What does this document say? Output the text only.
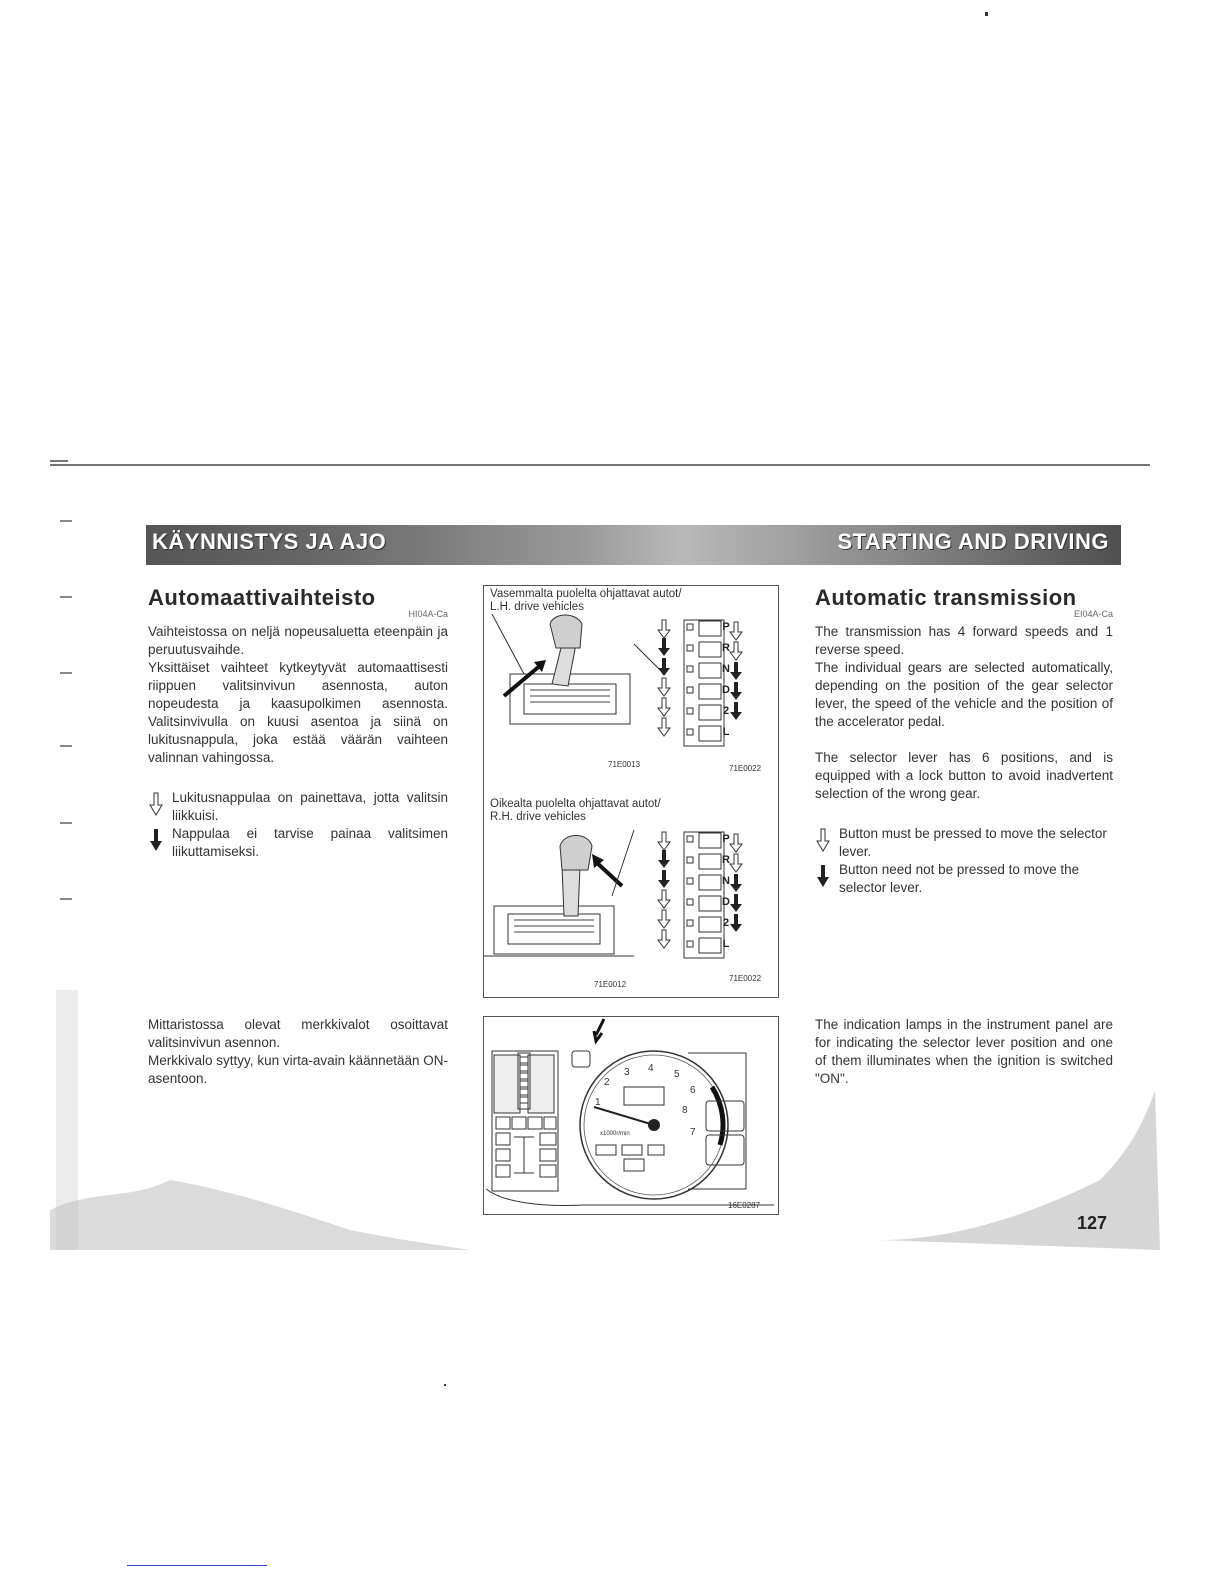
KÄYNNISTYS JA AJO	STARTING AND DRIVING
Automaattivaihteisto
HI04A-Ca
Vaihteistossa on neljä nopeusaluetta eteenpäin ja peruutusvaihde.
Yksittäiset vaihteet kytkeytyvät automaattisesti riippuen valitsinvivun asennosta, auton nopeudesta ja kaasupolkimen asennosta. Valitsinvivulla on kuusi asentoa ja siinä on lukitusnappula, joka estää väärän vaihteen valinnan vahingossa.
Lukitusnappulaa on painettava, jotta valitsin liikkuisi.
Nappulaa ei tarvise painaa valitsimen liikuttamiseksi.
Mittaristossa olevat merkkivalot osoittavat valitsinvivun asennon.
Merkkivalo syttyy, kun virta-avain käännetään ON-asentoon.
Automatic transmission
EI04A-Ca
The transmission has 4 forward speeds and 1 reverse speed.
The individual gears are selected automatically, depending on the position of the gear selector lever, the speed of the vehicle and the position of the accelerator pedal.
The selector lever has 6 positions, and is equipped with a lock button to avoid inadvertent selection of the wrong gear.
Button must be pressed to move the selector lever.
Button need not be pressed to move the selector lever.
The indication lamps in the instrument panel are for indicating the selector lever position and one of them illuminates when the ignition is switched "ON".
Vasemmalta puolelta ohjattavat autot/
L.H. drive vehicles
71E0013	71E0022
Oikealta puolelta ohjattavat autot/
R.H. drive vehicles
71E0012
71E0022
P
R
N
D
2
L
P
R
N
D
2
L
1
2
3 4
5
6
7
8
x1000r/min
16E0287
127
